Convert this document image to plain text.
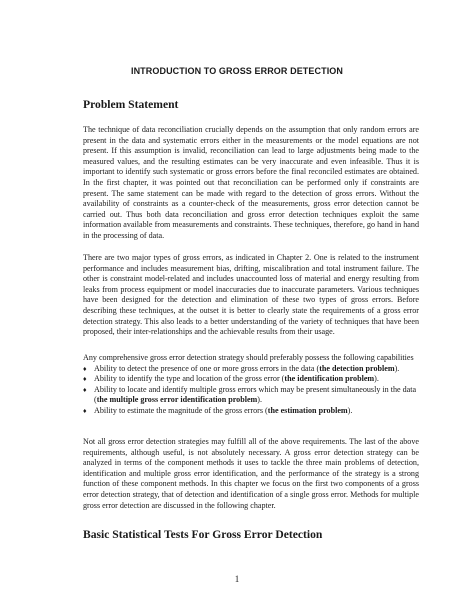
INTRODUCTION TO GROSS ERROR DETECTION
Problem Statement

The technique of data reconciliation crucially depends on the assumption that only random errors are present in the data and systematic errors either in the measurements or the model equations are not present. If this assumption is invalid, reconciliation can lead to large adjustments being made to the measured values, and the resulting estimates can be very inaccurate and even infeasible. Thus it is important to identify such systematic or gross errors before the final reconciled estimates are obtained. In the first chapter, it was pointed out that reconciliation can be performed only if constraints are present. The same statement can be made with regard to the detection of gross errors. Without the availability of constraints as a counter-check of the measurements, gross error detection cannot be carried out. Thus both data reconciliation and gross error detection techniques exploit the same information available from measurements and constraints. These techniques, therefore, go hand in hand in the processing of data.

There are two major types of gross errors, as indicated in Chapter 2. One is related to the instrument performance and includes measurement bias, drifting, miscalibration and total instrument failure. The other is constraint model-related and includes unaccounted loss of material and energy resulting from leaks from process equipment or model inaccuracies due to inaccurate parameters. Various techniques have been designed for the detection and elimination of these two types of gross errors. Before describing these techniques, at the outset it is better to clearly state the requirements of a gross error detection strategy. This also leads to a better understanding of the variety of techniques that have been proposed, their inter-relationships and the achievable results from their usage.

Any comprehensive gross error detection strategy should preferably possess the following capabilities

♦ Ability to detect the presence of one or more gross errors in the data (the detection problem).
♦ Ability to identify the type and location of the gross error (the identification problem).
♦ Ability to locate and identify multiple gross errors which may be present simultaneously in the data (the multiple gross error identification problem).
♦ Ability to estimate the magnitude of the gross errors (the estimation problem).

Not all gross error detection strategies may fulfill all of the above requirements. The last of the above requirements, although useful, is not absolutely necessary. A gross error detection strategy can be analyzed in terms of the component methods it uses to tackle the three main problems of detection, identification and multiple gross error identification, and the performance of the strategy is a strong function of these component methods. In this chapter we focus on the first two components of a gross error detection strategy, that of detection and identification of a single gross error. Methods for multiple gross error detection are discussed in the following chapter.

Basic Statistical Tests For Gross Error Detection

1
